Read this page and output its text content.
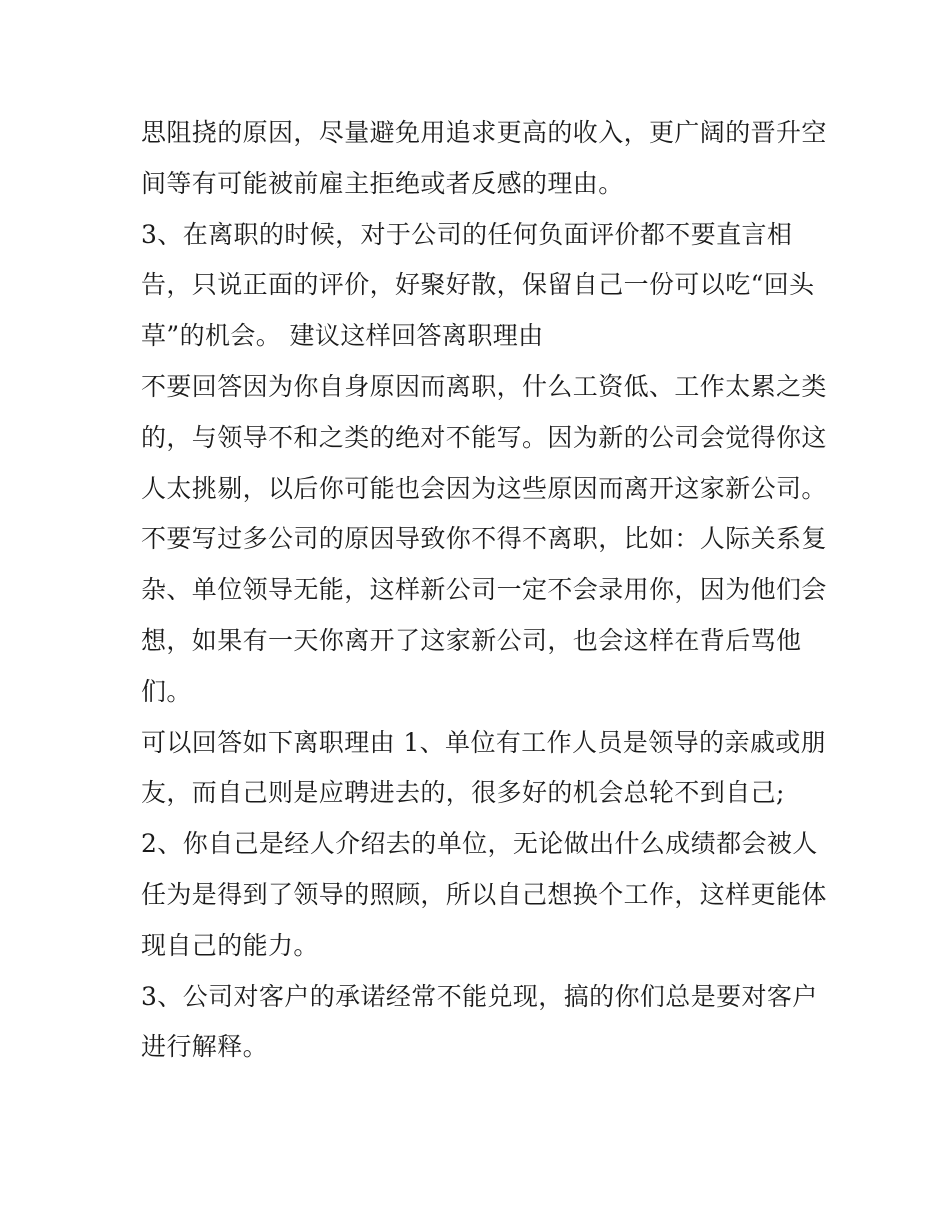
思阻挠的原因，尽量避免用追求更高的收入，更广阔的晋升空
间等有可能被前雇主拒绝或者反感的理由。
3、在离职的时候，对于公司的任何负面评价都不要直言相
告，只说正面的评价，好聚好散，保留自己一份可以吃“回头
草”的机会。 建议这样回答离职理由
不要回答因为你自身原因而离职，什么工资低、工作太累之类
的，与领导不和之类的绝对不能写。因为新的公司会觉得你这
人太挑剔，以后你可能也会因为这些原因而离开这家新公司。
不要写过多公司的原因导致你不得不离职，比如：人际关系复
杂、单位领导无能，这样新公司一定不会录用你，因为他们会
想，如果有一天你离开了这家新公司，也会这样在背后骂他
们。
可以回答如下离职理由 1、单位有工作人员是领导的亲戚或朋
友，而自己则是应聘进去的，很多好的机会总轮不到自己;
2、你自己是经人介绍去的单位，无论做出什么成绩都会被人
任为是得到了领导的照顾，所以自己想换个工作，这样更能体
现自己的能力。
3、公司对客户的承诺经常不能兑现，搞的你们总是要对客户
进行解释。
